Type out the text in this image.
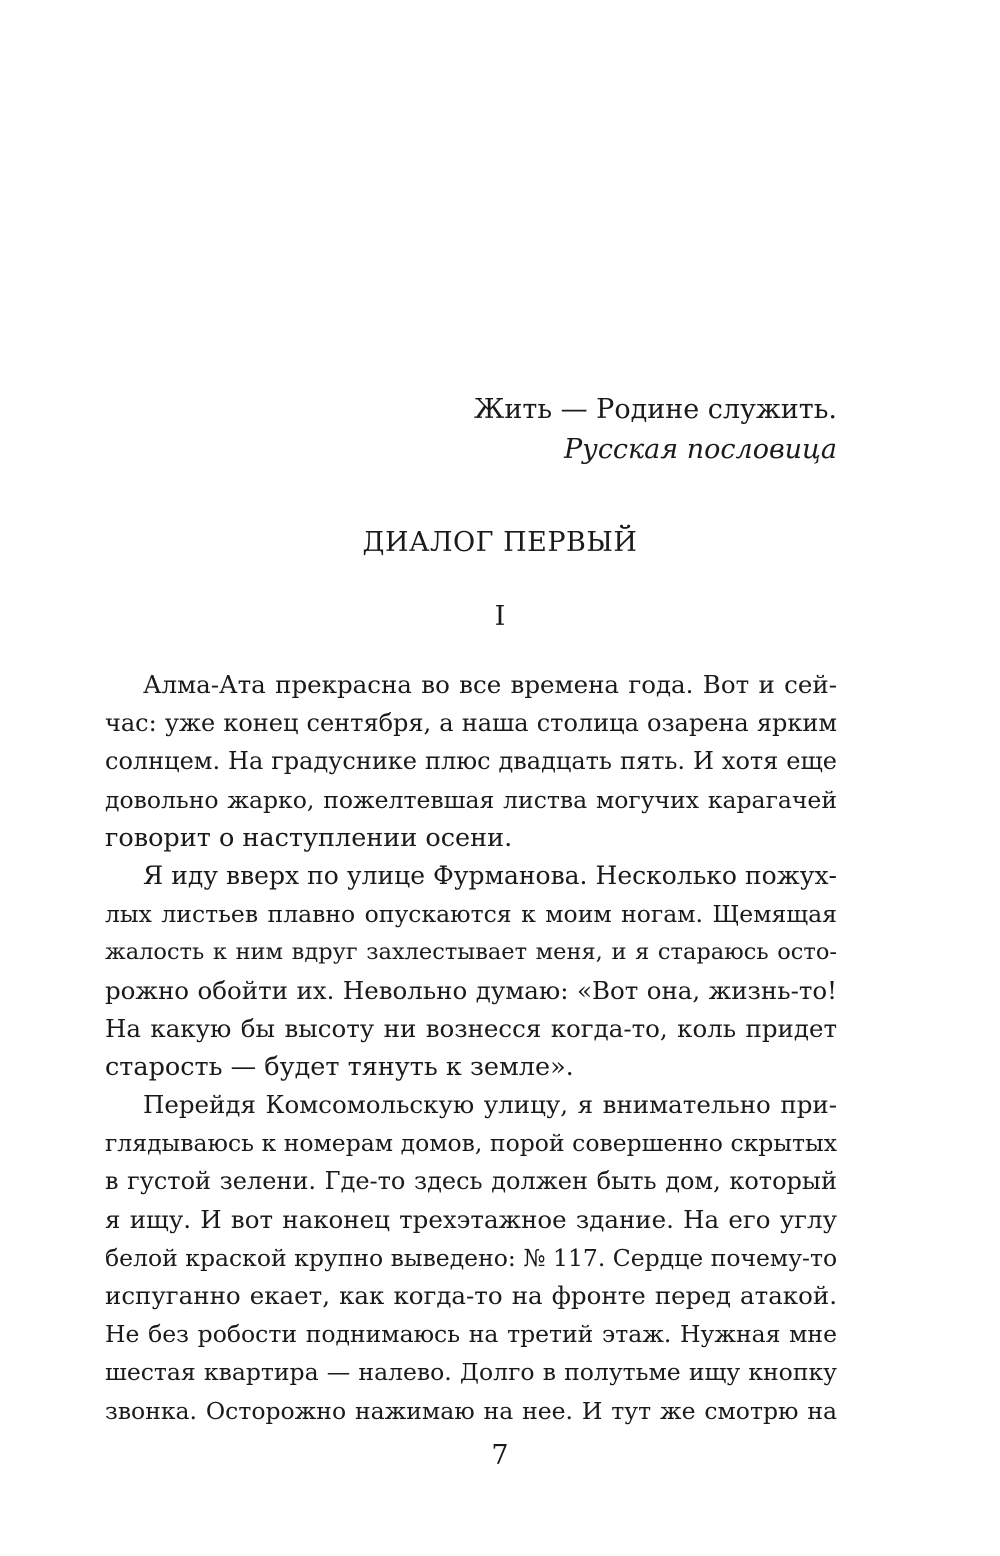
Жить — Родине служить.
Русская пословица
ДИАЛОГ ПЕРВЫЙ
I
Алма-Ата прекрасна во все времена года. Вот и сей-
час: уже конец сентября, а наша столица озарена ярким
солнцем. На градуснике плюс двадцать пять. И хотя еще
довольно жарко, пожелтевшая листва могучих карагачей
говорит о наступлении осени.
Я иду вверх по улице Фурманова. Несколько пожух-
лых листьев плавно опускаются к моим ногам. Щемящая
жалость к ним вдруг захлестывает меня, и я стараюсь осто-
рожно обойти их. Невольно думаю: «Вот она, жизнь-то!
На какую бы высоту ни вознесся когда-то, коль придет
старость — будет тянуть к земле».
Перейдя Комсомольскую улицу, я внимательно при-
глядываюсь к номерам домов, порой совершенно скрытых
в густой зелени. Где-то здесь должен быть дом, который
я ищу. И вот наконец трехэтажное здание. На его углу
белой краской крупно выведено: № 117. Сердце почему-то
испуганно екает, как когда-то на фронте перед атакой.
Не без робости поднимаюсь на третий этаж. Нужная мне
шестая квартира — налево. Долго в полутьме ищу кнопку
звонка. Осторожно нажимаю на нее. И тут же смотрю на
7
